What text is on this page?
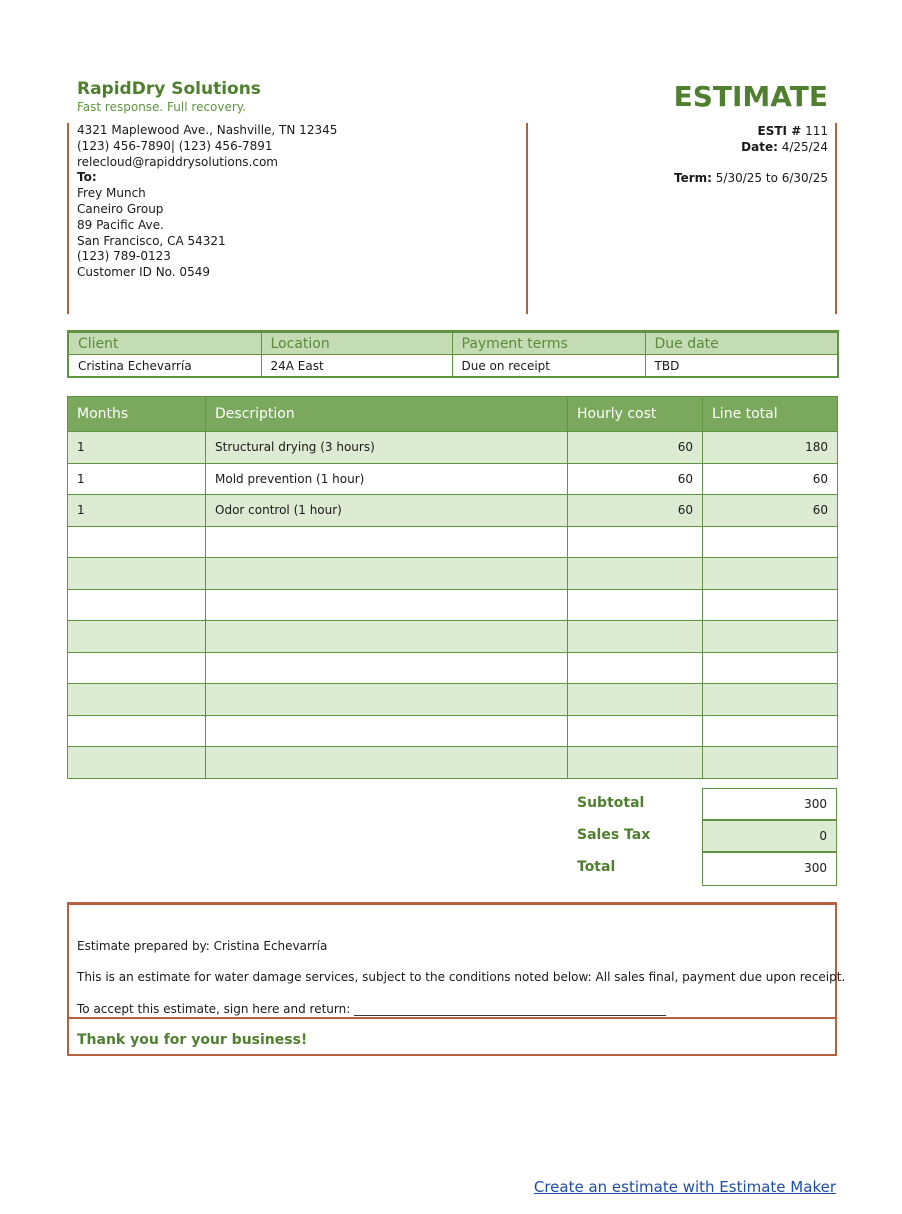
RapidDry Solutions
Fast response. Full recovery.	ESTIMATE
4321 Maplewood Ave., Nashville, TN 12345
(123) 456-7890| (123) 456-7891
relecloud@rapiddrysolutions.com
To:
Frey Munch
Caneiro Group
89 Pacific Ave.
San Francisco, CA 54321
(123) 789-0123
Customer ID No. 0549
ESTI # 111
Date: 4/25/24
Term: 5/30/25 to 6/30/25
Client	Location	Payment terms	Due date
Cristina Echevarría	24A East	Due on receipt	TBD
Months	Description	Hourly cost	Line total
1	Structural drying (3 hours)	60	180
1	Mold prevention (1 hour)	60	60
1	Odor control (1 hour)	60	60

Subtotal	300
Sales Tax	0
Total	300
Estimate prepared by: Cristina Echevarría
This is an estimate for water damage services, subject to the conditions noted below: All sales final, payment due upon receipt.
To accept this estimate, sign here and return: ____________________________________________________
Thank you for your business!
Create an estimate with Estimate Maker
